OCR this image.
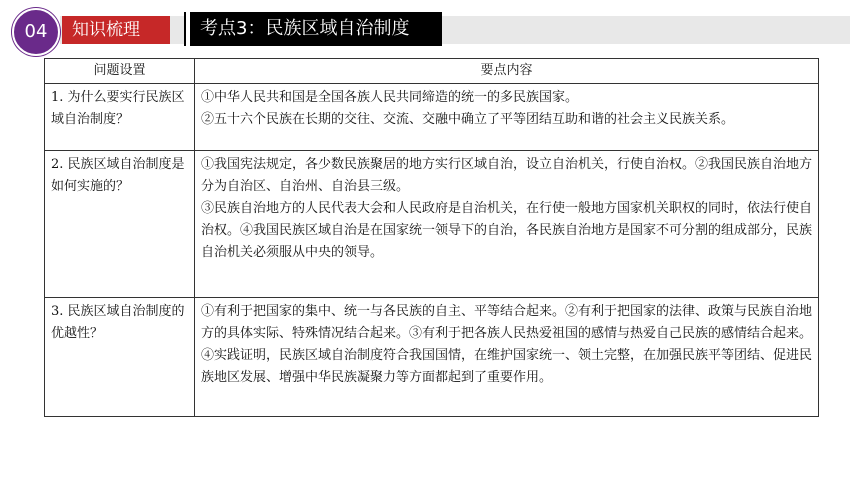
04	知识梳理	考点3：民族区域自治制度
问题设置	要点内容
1. 为什么要实行民族区域自治制度？	①中华人民共和国是全国各族人民共同缔造的统一的多民族国家。
②五十六个民族在长期的交往、交流、交融中确立了平等团结互助和谐的社会主义民族关系。

2. 民族区域自治制度是如何实施的？	①我国宪法规定，各少数民族聚居的地方实行区域自治，设立自治机关，行使自治权。②我国民族自治地方分为自治区、自治州、自治县三级。
③民族自治地方的人民代表大会和人民政府是自治机关，在行使一般地方国家机关职权的同时，依法行使自治权。④我国民族区域自治是在国家统一领导下的自治，各民族自治地方是国家不可分割的组成部分，民族自治机关必须服从中央的领导。

3. 民族区域自治制度的优越性？	①有利于把国家的集中、统一与各民族的自主、平等结合起来。②有利于把国家的法律、政策与民族自治地方的具体实际、特殊情况结合起来。③有利于把各族人民热爱祖国的感情与热爱自己民族的感情结合起来。④实践证明，民族区域自治制度符合我国国情，在维护国家统一、领土完整，在加强民族平等团结、促进民族地区发展、增强中华民族凝聚力等方面都起到了重要作用。
